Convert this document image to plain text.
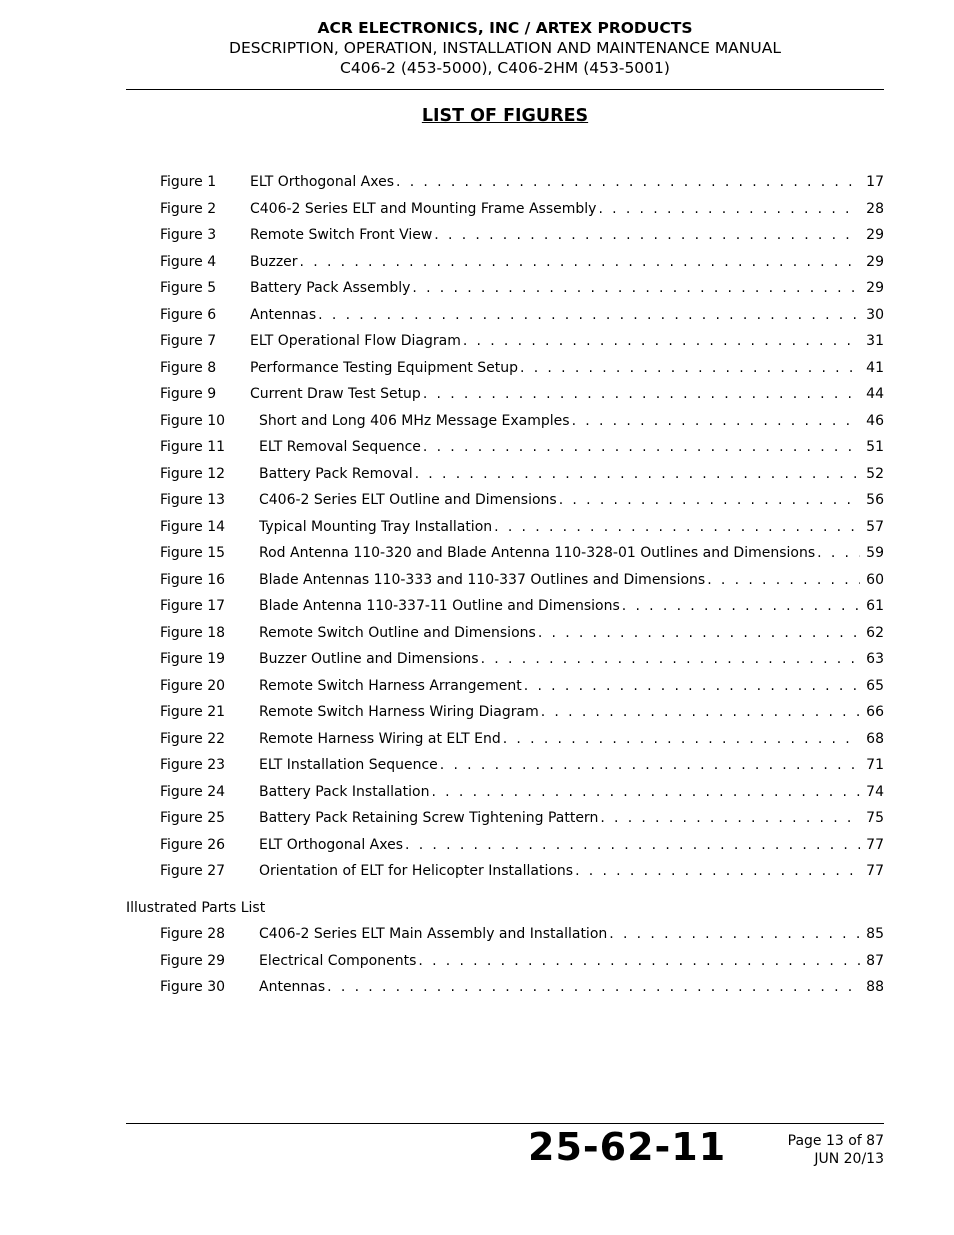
ACR ELECTRONICS, INC / ARTEX PRODUCTS
DESCRIPTION, OPERATION, INSTALLATION AND MAINTENANCE MANUAL
C406-2 (453-5000), C406-2HM (453-5001)
LIST OF FIGURES
Figure 1 ELT Orthogonal Axes . . .	17
Figure 2 C406-2 Series ELT and Mounting Frame Assembly . . .	28
Figure 3 Remote Switch Front View . . .	29
Figure 4 Buzzer . . .	29
Figure 5 Battery Pack Assembly . . .	29
Figure 6 Antennas . . .	30
Figure 7 ELT Operational Flow Diagram . . .	31
Figure 8 Performance Testing Equipment Setup . . .	41
Figure 9 Current Draw Test Setup . . .	44
Figure 10 Short and Long 406 MHz Message Examples . . .	46
Figure 11 ELT Removal Sequence . . .	51
Figure 12 Battery Pack Removal . . .	52
Figure 13 C406-2 Series ELT Outline and Dimensions . . .	56
Figure 14 Typical Mounting Tray Installation . . .	57
Figure 15 Rod Antenna 110-320 and Blade Antenna 110-328-01 Outlines and Dimensions . . .	59
Figure 16 Blade Antennas 110-333 and 110-337 Outlines and Dimensions . . .	60
Figure 17 Blade Antenna 110-337-11 Outline and Dimensions . . .	61
Figure 18 Remote Switch Outline and Dimensions . . .	62
Figure 19 Buzzer Outline and Dimensions . . .	63
Figure 20 Remote Switch Harness Arrangement . . .	65
Figure 21 Remote Switch Harness Wiring Diagram . . .	66
Figure 22 Remote Harness Wiring at ELT End . . .	68
Figure 23 ELT Installation Sequence . . .	71
Figure 24 Battery Pack Installation . . .	74
Figure 25 Battery Pack Retaining Screw Tightening Pattern . . .	75
Figure 26 ELT Orthogonal Axes . . .	77
Figure 27 Orientation of ELT for Helicopter Installations . . .	77
Figure 28 C406-2 Series ELT Main Assembly and Installation . . .	85
Figure 29 Electrical Components . . .	87
Figure 30 Antennas . . .	88
Illustrated Parts List
25-62-11	Page 13 of 87
JUN 20/13
